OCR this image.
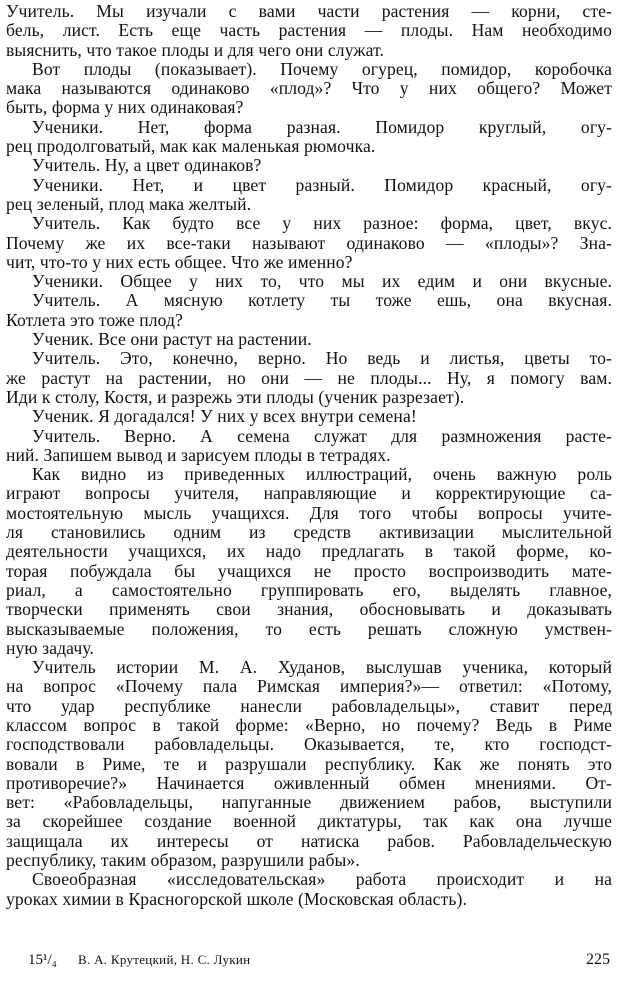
Учитель. Мы изучали с вами части растения — корни, сте-
бель, лист. Есть еще часть растения — плоды. Нам необходимо
выяснить, что такое плоды и для чего они служат.
Вот плоды (показывает). Почему огурец, помидор, коробочка
мака называются одинаково «плод»? Что у них общего? Может
быть, форма у них одинаковая?
Ученики. Нет, форма разная. Помидор круглый, огу-
рец продолговатый, мак как маленькая рюмочка.
Учитель. Ну, а цвет одинаков?
Ученики. Нет, и цвет разный. Помидор красный, огу-
рец зеленый, плод мака желтый.
Учитель. Как будто все у них разное: форма, цвет, вкус.
Почему же их все-таки называют одинаково — «плоды»? Зна-
чит, что-то у них есть общее. Что же именно?
Ученики. Общее у них то, что мы их едим и они вкусные.
Учитель. А мясную котлету ты тоже ешь, она вкусная.
Котлета это тоже плод?
Ученик. Все они растут на растении.
Учитель. Это, конечно, верно. Но ведь и листья, цветы то-
же растут на растении, но они — не плоды... Ну, я помогу вам.
Иди к столу, Костя, и разрежь эти плоды (ученик разрезает).
Ученик. Я догадался! У них у всех внутри семена!
Учитель. Верно. А семена служат для размножения расте-
ний. Запишем вывод и зарисуем плоды в тетрадях.
Как видно из приведенных иллюстраций, очень важную роль
играют вопросы учителя, направляющие и корректирующие са-
мостоятельную мысль учащихся. Для того чтобы вопросы учите-
ля становились одним из средств активизации мыслительной
деятельности учащихся, их надо предлагать в такой форме, ко-
торая побуждала бы учащихся не просто воспроизводить мате-
риал, а самостоятельно группировать его, выделять главное,
творчески применять свои знания, обосновывать и доказывать
высказываемые положения, то есть решать сложную умствен-
ную задачу.
Учитель истории М. А. Худанов, выслушав ученика, который
на вопрос «Почему пала Римская империя?»— ответил: «Потому,
что удар республике нанесли рабовладельцы», ставит перед
классом вопрос в такой форме: «Верно, но почему? Ведь в Риме
господствовали рабовладельцы. Оказывается, те, кто господст-
вовали в Риме, те и разрушали республику. Как же понять это
противоречие?» Начинается оживленный обмен мнениями. От-
вет: «Рабовладельцы, напуганные движением рабов, выступили
за скорейшее создание военной диктатуры, так как она лучше
защищала их интересы от натиска рабов. Рабовладельческую
республику, таким образом, разрушили рабы».
Своеобразная «исследовательская» работа происходит и на
уроках химии в Красногорской школе (Московская область).
15¹/₄ В. А. Крутецкий, Н. С. Лукин	225
